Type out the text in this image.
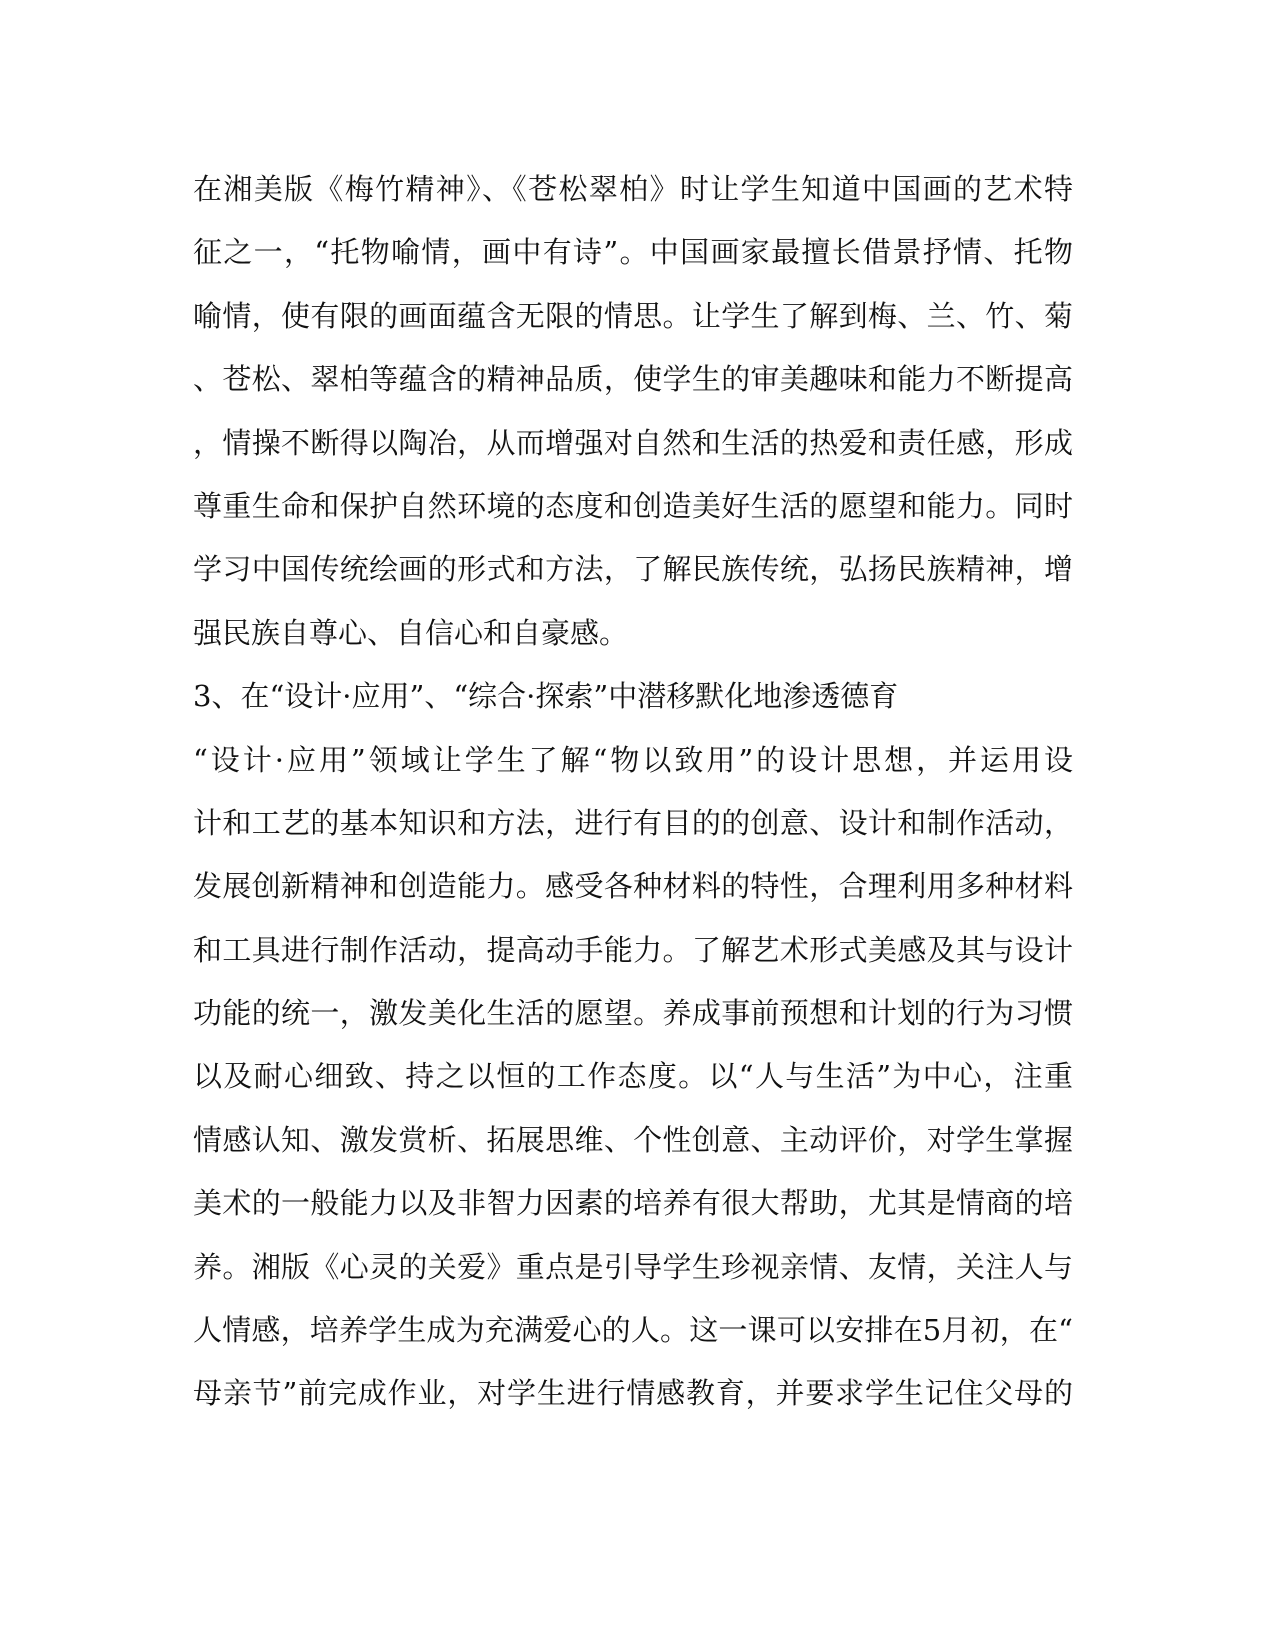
在湘美版《梅竹精神》、《苍松翠柏》时让学生知道中国画的艺术特
征之一，“托物喻情，画中有诗”。中国画家最擅长借景抒情、托物
喻情，使有限的画面蕴含无限的情思。让学生了解到梅、兰、竹、菊
、苍松、翠柏等蕴含的精神品质，使学生的审美趣味和能力不断提高
，情操不断得以陶冶，从而增强对自然和生活的热爱和责任感，形成
尊重生命和保护自然环境的态度和创造美好生活的愿望和能力。同时
学习中国传统绘画的形式和方法，了解民族传统，弘扬民族精神，增
强民族自尊心、自信心和自豪感。
3、在“设计·应用”、“综合·探索”中潜移默化地渗透德育
“设计·应用”领域让学生了解“物以致用”的设计思想，并运用设
计和工艺的基本知识和方法，进行有目的的创意、设计和制作活动，
发展创新精神和创造能力。感受各种材料的特性，合理利用多种材料
和工具进行制作活动，提高动手能力。了解艺术形式美感及其与设计
功能的统一，激发美化生活的愿望。养成事前预想和计划的行为习惯
以及耐心细致、持之以恒的工作态度。以“人与生活”为中心，注重
情感认知、激发赏析、拓展思维、个性创意、主动评价，对学生掌握
美术的一般能力以及非智力因素的培养有很大帮助，尤其是情商的培
养。湘版《心灵的关爱》重点是引导学生珍视亲情、友情，关注人与
人情感，培养学生成为充满爱心的人。这一课可以安排在5月初，在“
母亲节”前完成作业，对学生进行情感教育，并要求学生记住父母的
